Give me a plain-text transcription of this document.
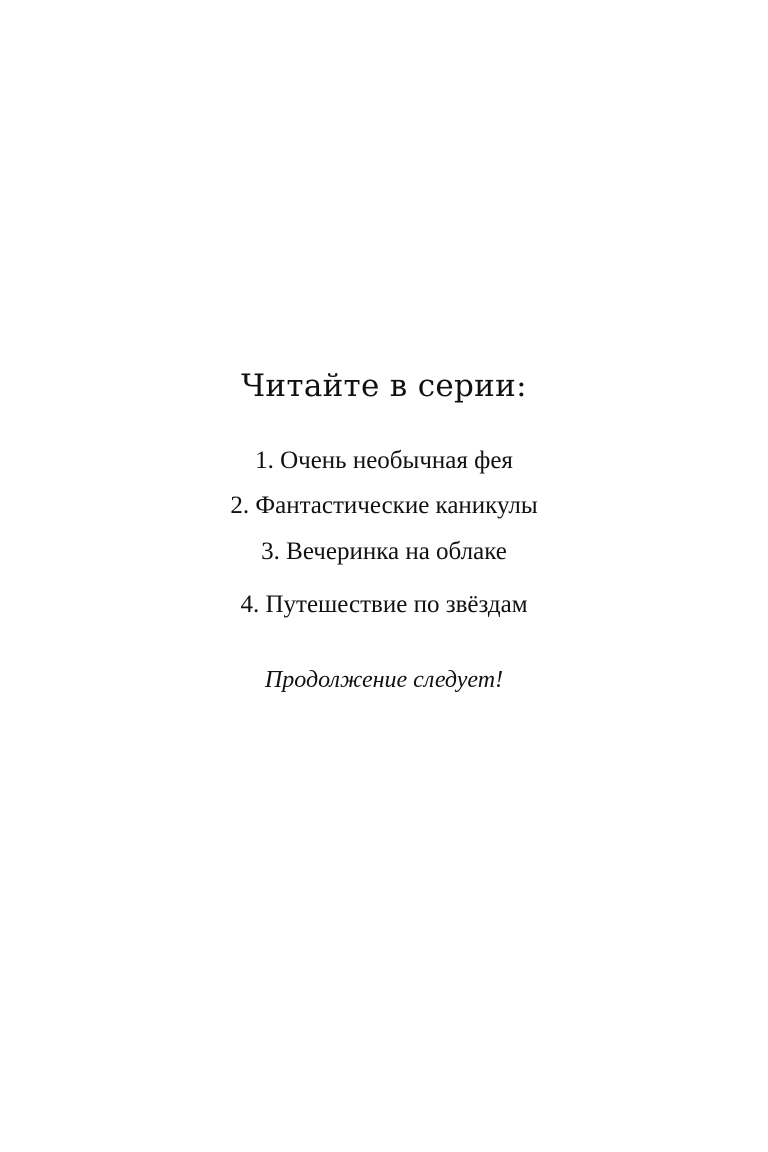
Читайте в серии:

1. Очень необычная фея

2. Фантастические каникулы

3. Вечеринка на облаке

4. Путешествие по звёздам

Продолжение следует!
